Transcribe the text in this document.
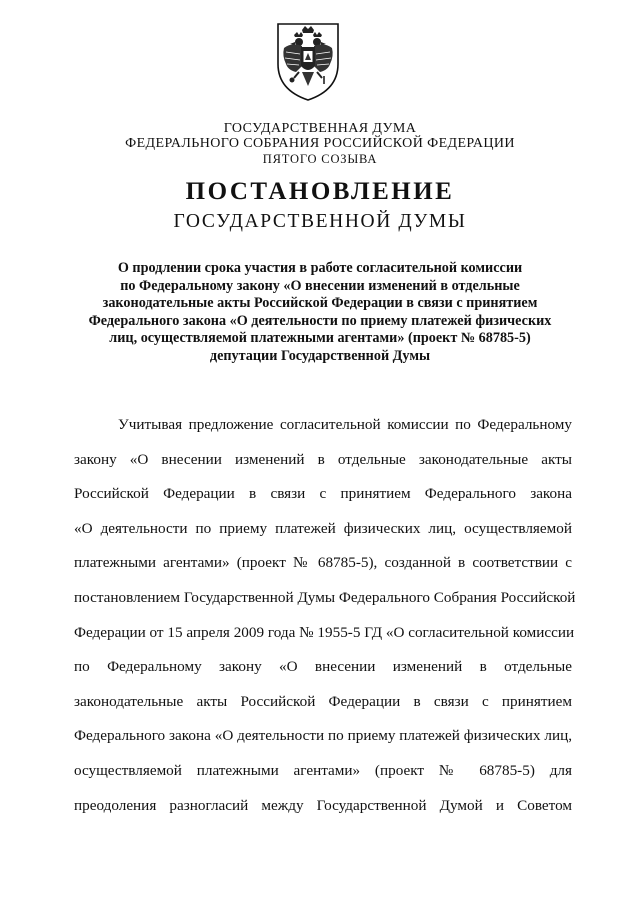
ГОСУДАРСТВЕННАЯ ДУМА
ФЕДЕРАЛЬНОГО СОБРАНИЯ РОССИЙСКОЙ ФЕДЕРАЦИИ
ПЯТОГО СОЗЫВА
ПОСТАНОВЛЕНИЕ
ГОСУДАРСТВЕННОЙ ДУМЫ
О продлении срока участия в работе согласительной комиссии
по Федеральному закону «О внесении изменений в отдельные
законодательные акты Российской Федерации в связи с принятием
Федерального закона «О деятельности по приему платежей физических
лиц, осуществляемой платежными агентами» (проект № 68785-5)
депутации Государственной Думы
Учитывая предложение согласительной комиссии по Федеральному
закону «О внесении изменений в отдельные законодательные акты
Российской Федерации в связи с принятием Федерального закона
«О деятельности по приему платежей физических лиц, осуществляемой
платежными агентами» (проект № 68785-5), созданной в соответствии с
постановлением Государственной Думы Федерального Собрания Российской
Федерации от 15 апреля 2009 года № 1955-5 ГД «О согласительной комиссии
по Федеральному закону «О внесении изменений в отдельные
законодательные акты Российской Федерации в связи с принятием
Федерального закона «О деятельности по приему платежей физических лиц,
осуществляемой платежными агентами» (проект № 68785-5) для
преодоления разногласий между Государственной Думой и Советом
